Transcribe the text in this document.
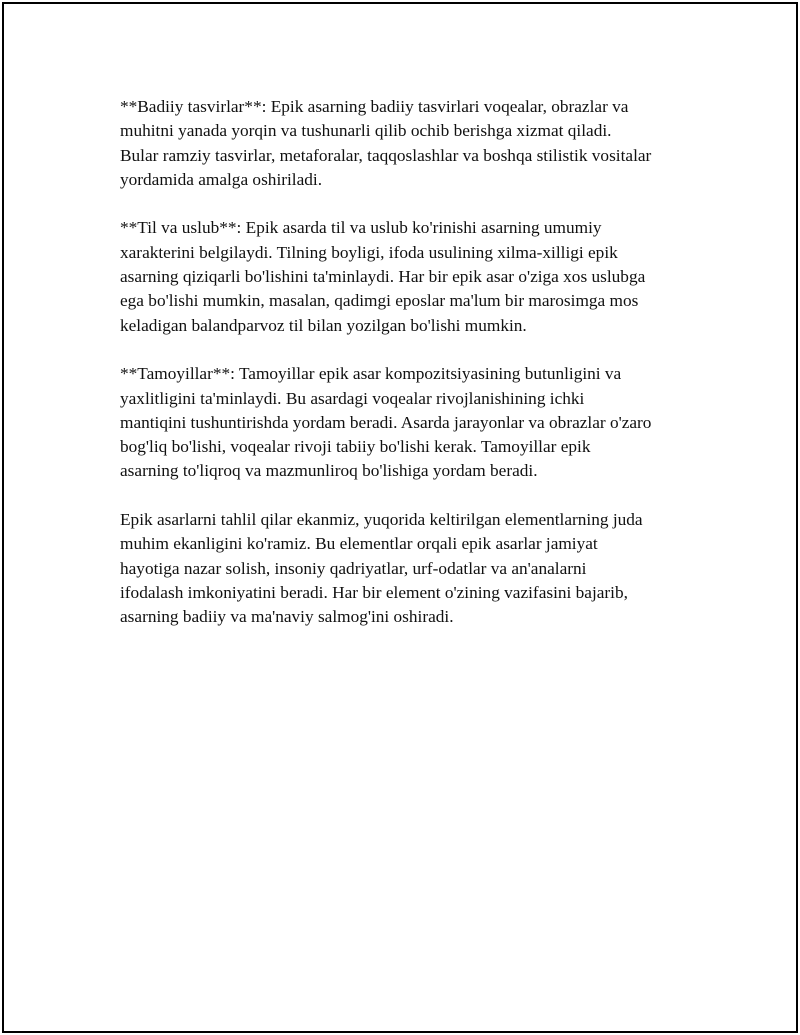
**Badiiy tasvirlar**: Epik asarning badiiy tasvirlari voqealar, obrazlar va
muhitni yanada yorqin va tushunarli qilib ochib berishga xizmat qiladi.
Bular ramziy tasvirlar, metaforalar, taqqoslashlar va boshqa stilistik vositalar
yordamida amalga oshiriladi.

**Til va uslub**: Epik asarda til va uslub ko'rinishi asarning umumiy
xarakterini belgilaydi. Tilning boyligi, ifoda usulining xilma-xilligi epik
asarning qiziqarli bo'lishini ta'minlaydi. Har bir epik asar o'ziga xos uslubga
ega bo'lishi mumkin, masalan, qadimgi eposlar ma'lum bir marosimga mos
keladigan balandparvoz til bilan yozilgan bo'lishi mumkin.

**Tamoyillar**: Tamoyillar epik asar kompozitsiyasining butunligini va
yaxlitligini ta'minlaydi. Bu asardagi voqealar rivojlanishining ichki
mantiqini tushuntirishda yordam beradi. Asarda jarayonlar va obrazlar o'zaro
bog'liq bo'lishi, voqealar rivoji tabiiy bo'lishi kerak. Tamoyillar epik
asarning to'liqroq va mazmunliroq bo'lishiga yordam beradi.

Epik asarlarni tahlil qilar ekanmiz, yuqorida keltirilgan elementlarning juda
muhim ekanligini ko'ramiz. Bu elementlar orqali epik asarlar jamiyat
hayotiga nazar solish, insoniy qadriyatlar, urf-odatlar va an'analarni
ifodalash imkoniyatini beradi. Har bir element o'zining vazifasini bajarib,
asarning badiiy va ma'naviy salmog'ini oshiradi.
